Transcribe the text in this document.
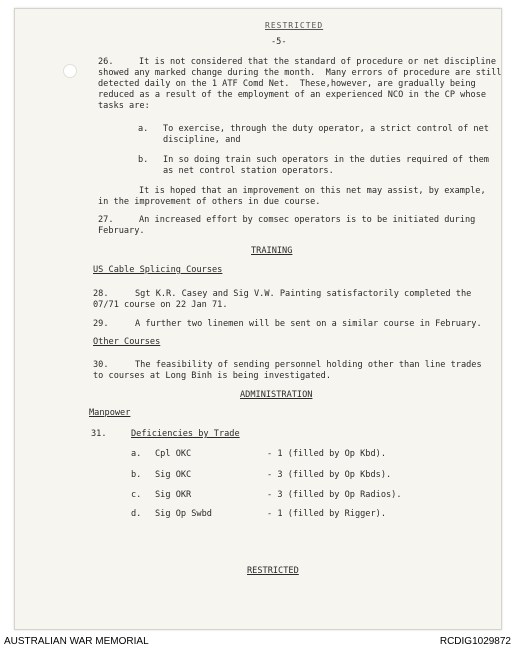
RESTRICTED
-5-
26.	It is not considered that the standard of procedure or net discipline
showed any marked change during the month.  Many errors of procedure are still
detected daily on the 1 ATF Comd Net.  These,however, are gradually being
reduced as a result of the employment of an experienced NCO in the CP whose
tasks are:
a. To exercise, through the duty operator, a strict control of net
discipline, and
b. In so doing train such operators in the duties required of them
as net control station operators.
It is hoped that an improvement on this net may assist, by example,
in the improvement of others in due course.
27.	An increased effort by comsec operators is to be initiated during
February.
TRAINING
US Cable Splicing Courses
28.	Sgt K.R. Casey and Sig V.W. Painting satisfactorily completed the
07/71 course on 22 Jan 71.
29.	A further two linemen will be sent on a similar course in February.
Other Courses
30.	The feasibility of sending personnel holding other than line trades
to courses at Long Binh is being investigated.
ADMINISTRATION
Manpower
31.	Deficiencies by Trade
a. Cpl OKC	- 1 (filled by Op Kbd).
b. Sig OKC	- 3 (filled by Op Kbds).
c. Sig OKR	- 3 (filled by Op Radios).
d. Sig Op Swbd	- 1 (filled by Rigger).
RESTRICTED
AUSTRALIAN WAR MEMORIAL	RCDIG1029872
